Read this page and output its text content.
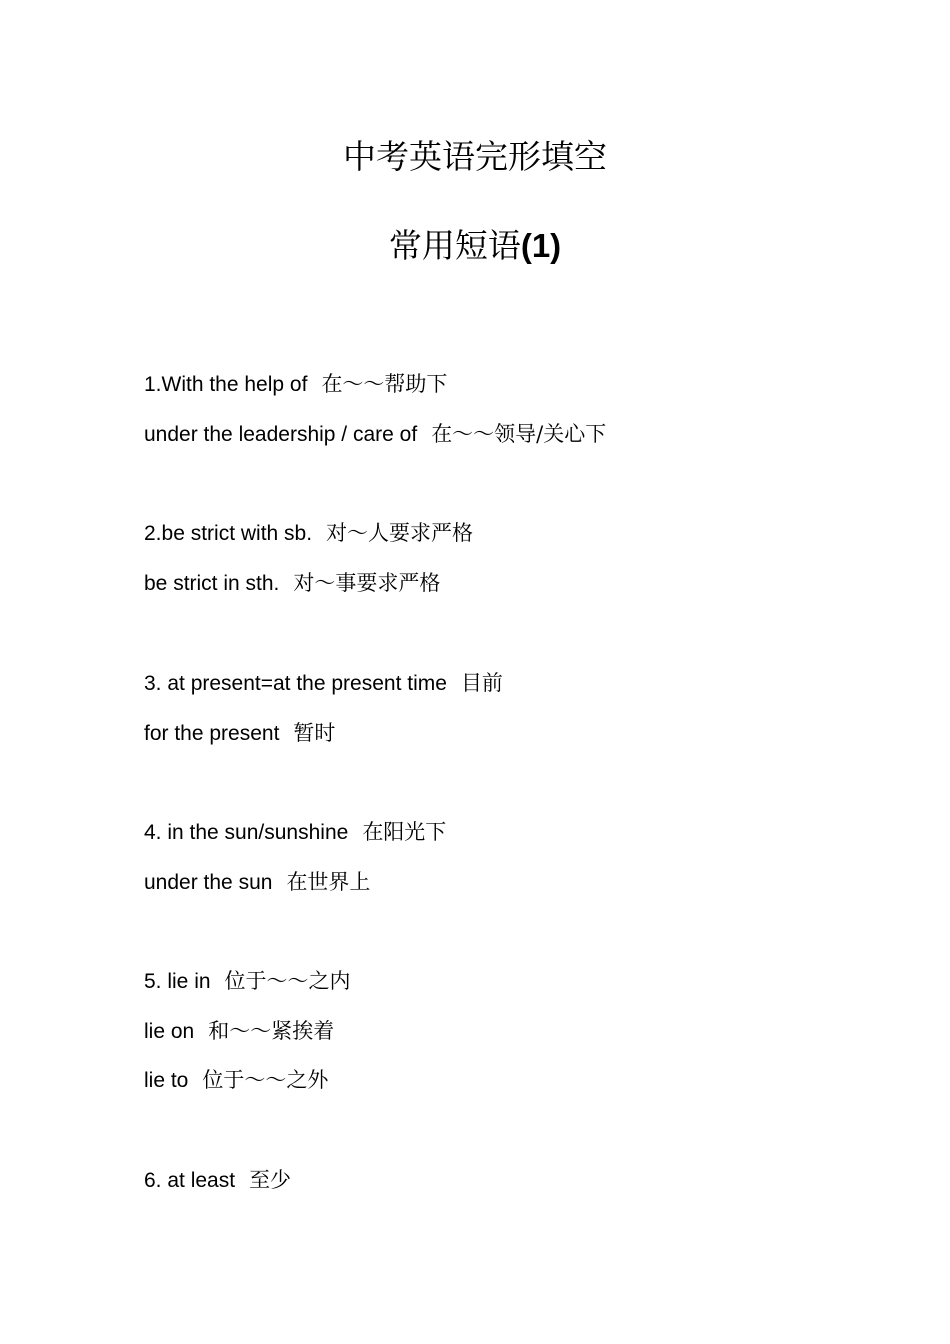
中考英语完形填空
常用短语(1)
1.With the help of 在～～帮助下
under the leadership / care of 在～～领导/关心下
2.be strict with sb. 对～人要求严格
be strict in sth. 对～事要求严格
3. at present=at the present time 目前
for the present 暂时
4. in the sun/sunshine 在阳光下
under the sun 在世界上
5. lie in 位于～～之内
lie on 和～～紧挨着
lie to 位于～～之外
6. at least 至少
